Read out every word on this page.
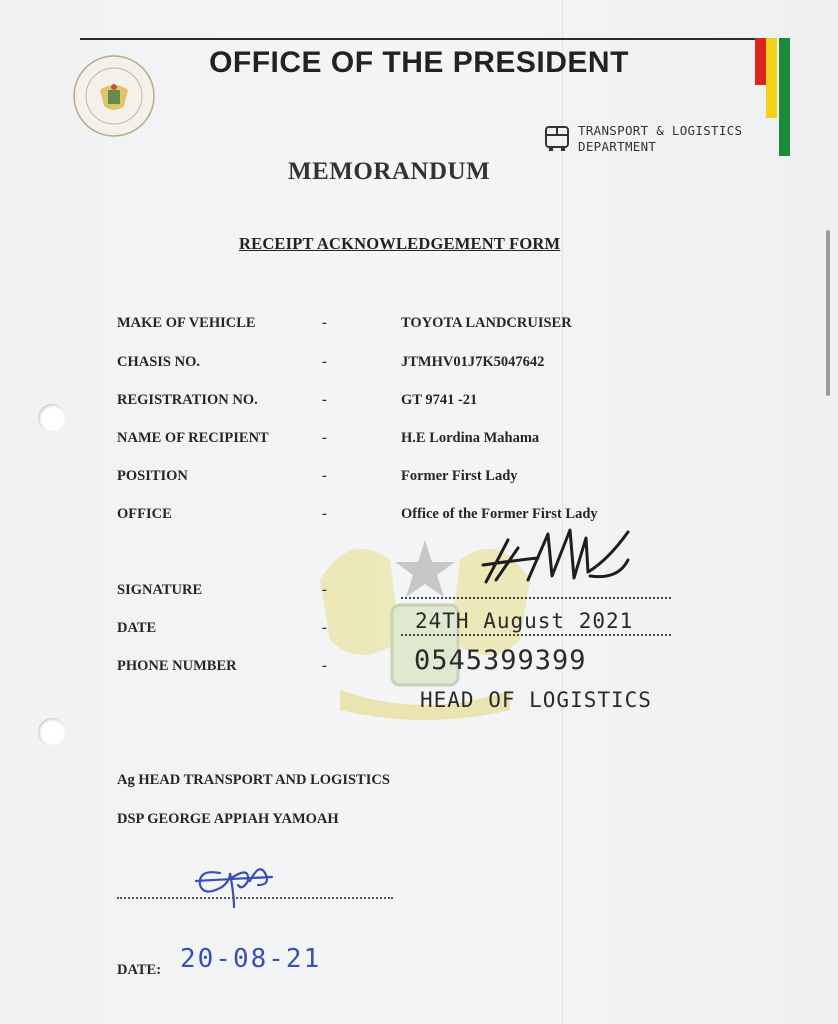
OFFICE OF THE PRESIDENT
TRANSPORT & LOGISTICS
DEPARTMENT
MEMORANDUM
RECEIPT ACKNOWLEDGEMENT FORM
MAKE OF VEHICLE	-	TOYOTA LANDCRUISER
CHASIS NO.	-	JTMHV01J7K5047642
REGISTRATION NO.	-	GT 9741 -21
NAME OF RECIPIENT	-	H.E Lordina Mahama
POSITION	-	Former First Lady
OFFICE	-	Office of the Former First Lady
SIGNATURE	-
DATE	-	24TH August 2021
PHONE NUMBER	-	0545399399
HEAD OF LOGISTICS
Ag HEAD TRANSPORT AND LOGISTICS
DSP GEORGE APPIAH YAMOAH
DATE: 20-08-21
